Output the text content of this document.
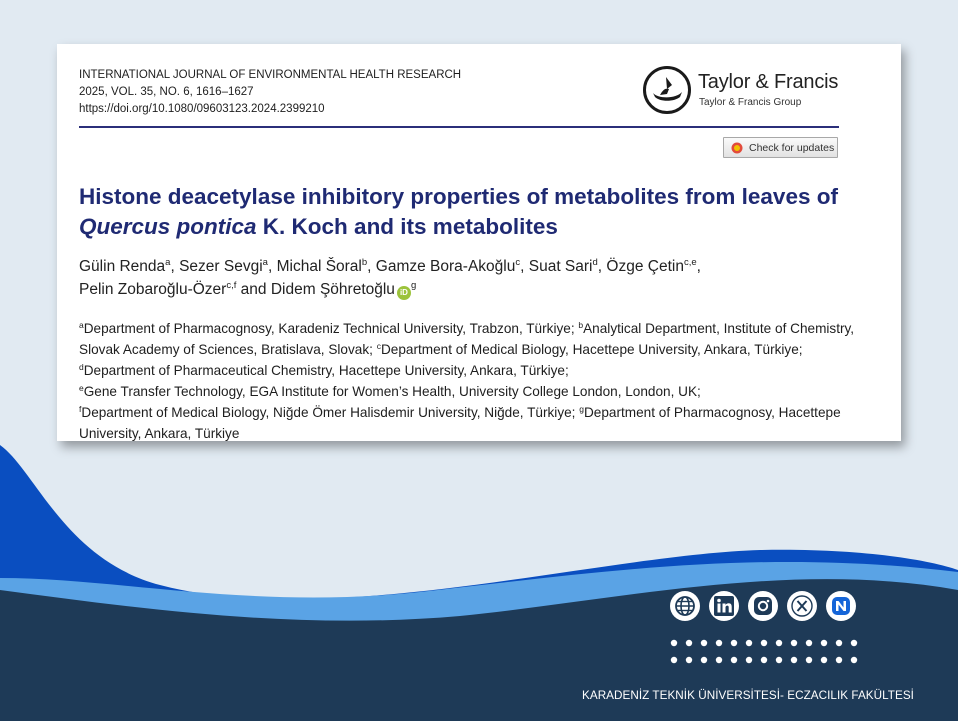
INTERNATIONAL JOURNAL OF ENVIRONMENTAL HEALTH RESEARCH
2025, VOL. 35, NO. 6, 1616–1627
https://doi.org/10.1080/09603123.2024.2399210
Taylor & Francis
Taylor & Francis Group
Check for updates
Histone deacetylase inhibitory properties of metabolites from leaves of Quercus pontica K. Koch and its metabolites
Gülin Renda$^a$, Sezer Sevgi$^a$, Michal Šoral$^b$, Gamze Bora-Akoğlu$^c$, Suat Sari$^d$, Özge Çetin$^{c,e}$,
Pelin Zobaroğlu-Özer$^{c,f}$ and Didem Şöhretoğlu $iD^g$
$^a$Department of Pharmacognosy, Karadeniz Technical University, Trabzon, Türkiye; $^b$Analytical Department, Institute of Chemistry, Slovak Academy of Sciences, Bratislava, Slovak; $^c$Department of Medical Biology, Hacettepe University, Ankara, Türkiye; $^d$Department of Pharmaceutical Chemistry, Hacettepe University, Ankara, Türkiye;
$^e$Gene Transfer Technology, EGA Institute for Women’s Health, University College London, London, UK;
$^f$Department of Medical Biology, Niğde Ömer Halisdemir University, Niğde, Türkiye; $^g$Department of Pharmacognosy, Hacettepe University, Ankara, Türkiye
KARADENİZ TEKNİK ÜNİVERSİTESİ- ECZACILIK FAKÜLTESİ
